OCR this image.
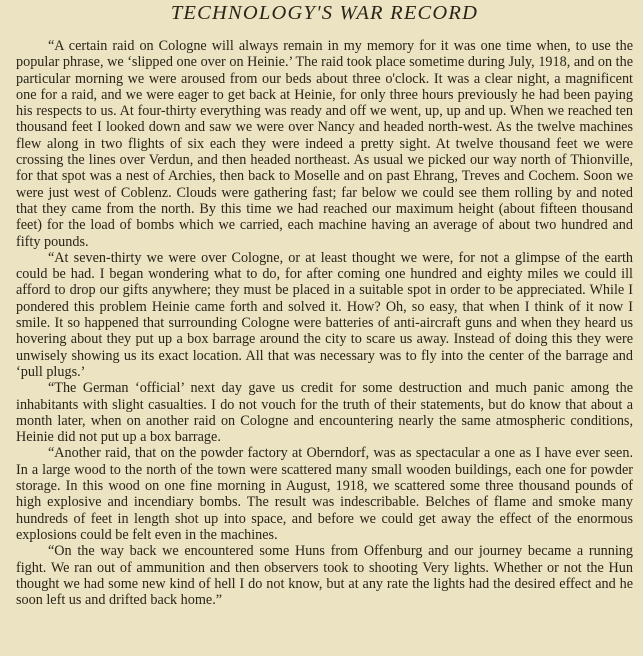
TECHNOLOGY'S WAR RECORD

“A certain raid on Cologne will always remain in my memory for it was one time when, to use the popular phrase, we ‘slipped one over on Heinie.’ The raid took place sometime during July, 1918, and on the particular morning we were aroused from our beds about three o'clock. It was a clear night, a magnificent one for a raid, and we were eager to get back at Heinie, for only three hours previously he had been paying his respects to us. At four-thirty everything was ready and off we went, up, up and up. When we reached ten thousand feet I looked down and saw we were over Nancy and headed north-west. As the twelve machines flew along in two flights of six each they were indeed a pretty sight. At twelve thousand feet we were crossing the lines over Verdun, and then headed northeast. As usual we picked our way north of Thionville, for that spot was a nest of Archies, then back to Moselle and on past Ehrang, Treves and Cochem. Soon we were just west of Coblenz. Clouds were gathering fast; far below we could see them rolling by and noted that they came from the north. By this time we had reached our maximum height (about fifteen thousand feet) for the load of bombs which we carried, each machine having an average of about two hundred and fifty pounds.

“At seven-thirty we were over Cologne, or at least thought we were, for not a glimpse of the earth could be had. I began wondering what to do, for after coming one hundred and eighty miles we could ill afford to drop our gifts anywhere; they must be placed in a suitable spot in order to be appreciated. While I pondered this problem Heinie came forth and solved it. How? Oh, so easy, that when I think of it now I smile. It so happened that surrounding Cologne were batteries of anti-aircraft guns and when they heard us hovering about they put up a box barrage around the city to scare us away. Instead of doing this they were unwisely showing us its exact location. All that was necessary was to fly into the center of the barrage and ‘pull plugs.’

“The German ‘official’ next day gave us credit for some destruction and much panic among the inhabitants with slight casualties. I do not vouch for the truth of their statements, but do know that about a month later, when on another raid on Cologne and encountering nearly the same atmospheric conditions, Heinie did not put up a box barrage.

“Another raid, that on the powder factory at Oberndorf, was as spectacular a one as I have ever seen. In a large wood to the north of the town were scattered many small wooden buildings, each one for powder storage. In this wood on one fine morning in August, 1918, we scattered some three thousand pounds of high explosive and incendiary bombs. The result was indescribable. Belches of flame and smoke many hundreds of feet in length shot up into space, and before we could get away the effect of the enormous explosions could be felt even in the machines.

“On the way back we encountered some Huns from Offenburg and our journey became a running fight. We ran out of ammunition and then observers took to shooting Very lights. Whether or not the Hun thought we had some new kind of hell I do not know, but at any rate the lights had the desired effect and he soon left us and drifted back home.”
